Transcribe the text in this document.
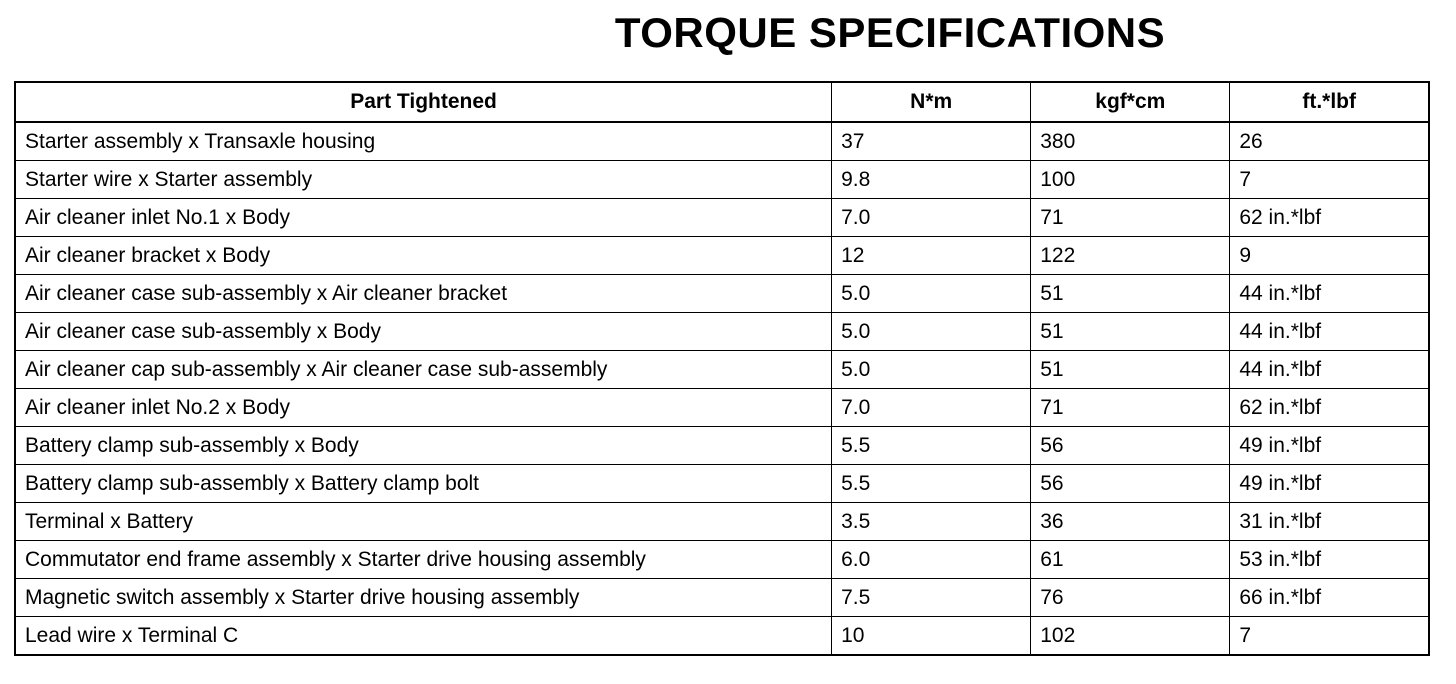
TORQUE SPECIFICATIONS
Part Tightened	N*m	kgf*cm	ft.*lbf
Starter assembly x Transaxle housing	37	380	26
Starter wire x Starter assembly	9.8	100	7
Air cleaner inlet No.1 x Body	7.0	71	62 in.*lbf
Air cleaner bracket x Body	12	122	9
Air cleaner case sub-assembly x Air cleaner bracket	5.0	51	44 in.*lbf
Air cleaner case sub-assembly x Body	5.0	51	44 in.*lbf
Air cleaner cap sub-assembly x Air cleaner case sub-assembly	5.0	51	44 in.*lbf
Air cleaner inlet No.2 x Body	7.0	71	62 in.*lbf
Battery clamp sub-assembly x Body	5.5	56	49 in.*lbf
Battery clamp sub-assembly x Battery clamp bolt	5.5	56	49 in.*lbf
Terminal x Battery	3.5	36	31 in.*lbf
Commutator end frame assembly x Starter drive housing assembly	6.0	61	53 in.*lbf
Magnetic switch assembly x Starter drive housing assembly	7.5	76	66 in.*lbf
Lead wire x Terminal C	10	102	7
